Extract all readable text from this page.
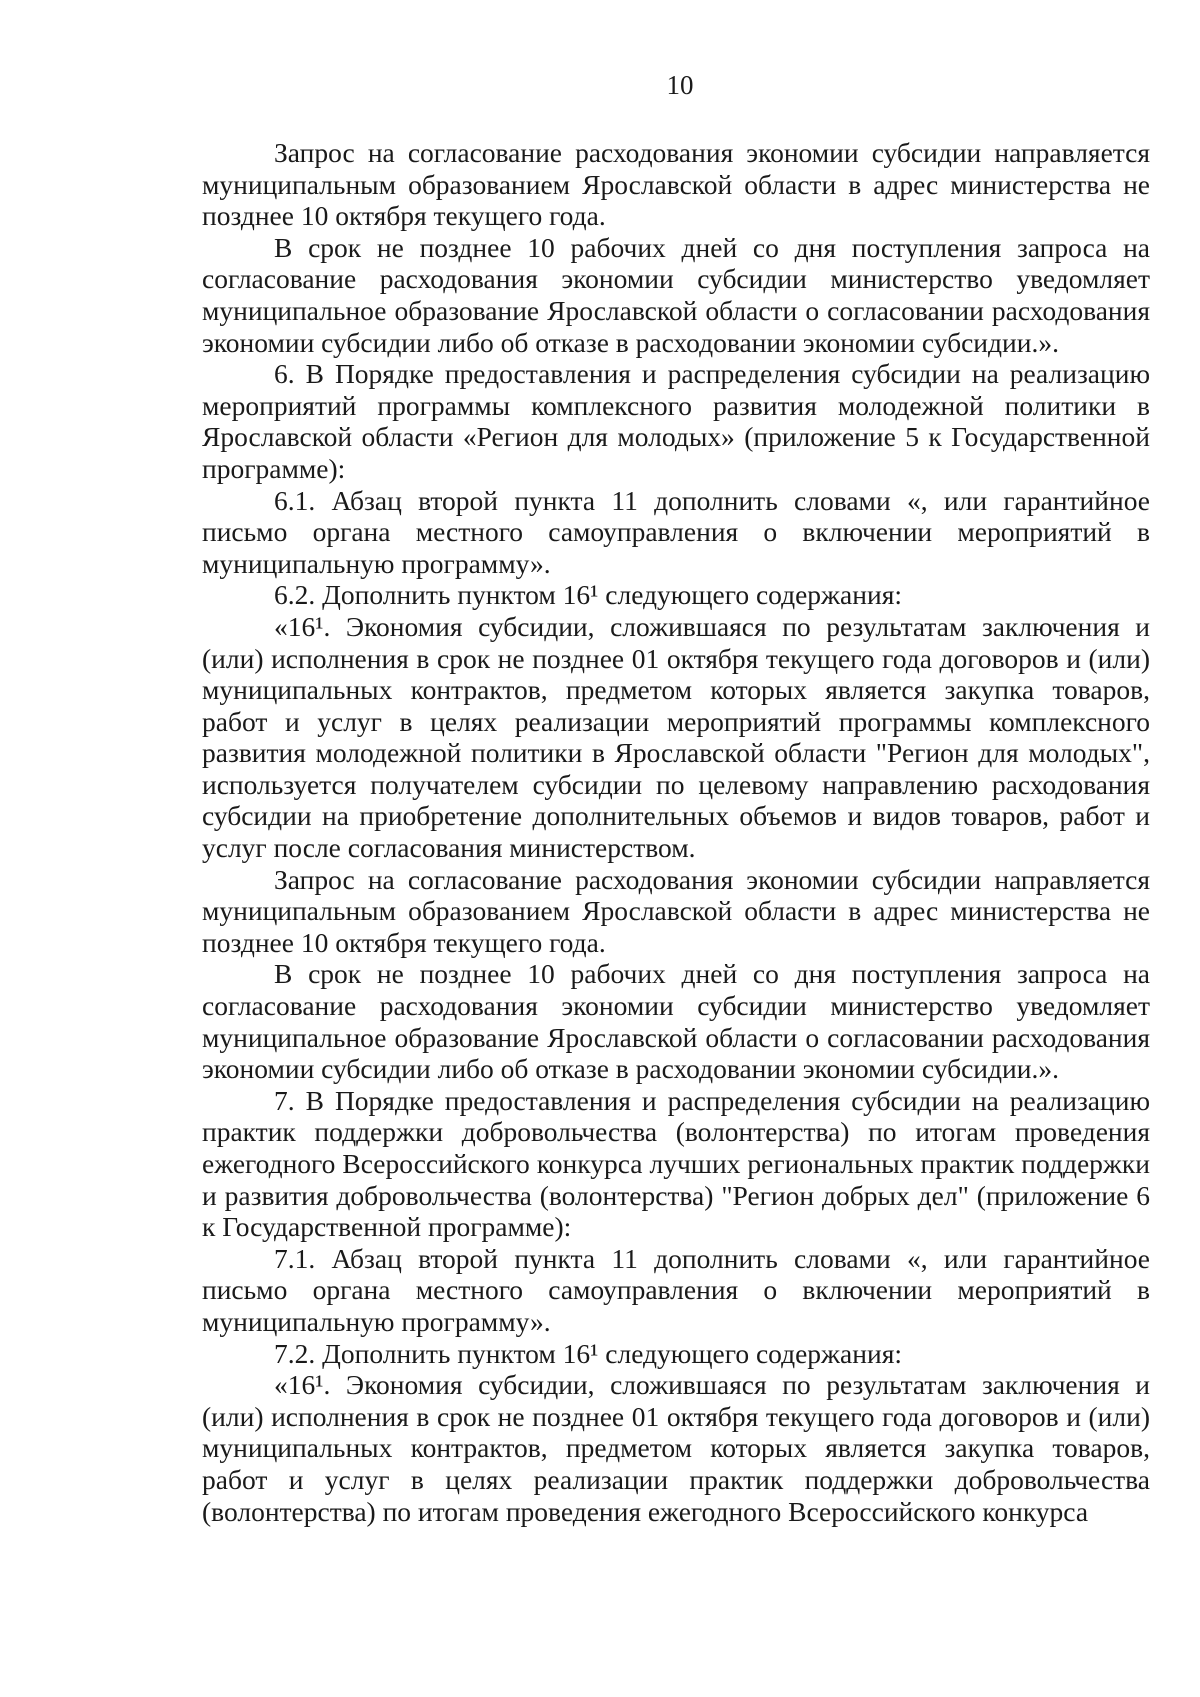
10

Запрос на согласование расходования экономии субсидии направляется муниципальным образованием Ярославской области в адрес министерства не позднее 10 октября текущего года.

В срок не позднее 10 рабочих дней со дня поступления запроса на согласование расходования экономии субсидии министерство уведомляет муниципальное образование Ярославской области о согласовании расходования экономии субсидии либо об отказе в расходовании экономии субсидии.».

6. В Порядке предоставления и распределения субсидии на реализацию мероприятий программы комплексного развития молодежной политики в Ярославской области «Регион для молодых» (приложение 5 к Государственной программе):

6.1. Абзац второй пункта 11 дополнить словами «, или гарантийное письмо органа местного самоуправления о включении мероприятий в муниципальную программу».

6.2. Дополнить пунктом 16¹ следующего содержания:

«16¹. Экономия субсидии, сложившаяся по результатам заключения и (или) исполнения в срок не позднее 01 октября текущего года договоров и (или) муниципальных контрактов, предметом которых является закупка товаров, работ и услуг в целях реализации мероприятий программы комплексного развития молодежной политики в Ярославской области "Регион для молодых", используется получателем субсидии по целевому направлению расходования субсидии на приобретение дополнительных объемов и видов товаров, работ и услуг после согласования министерством.

Запрос на согласование расходования экономии субсидии направляется муниципальным образованием Ярославской области в адрес министерства не позднее 10 октября текущего года.

В срок не позднее 10 рабочих дней со дня поступления запроса на согласование расходования экономии субсидии министерство уведомляет муниципальное образование Ярославской области о согласовании расходования экономии субсидии либо об отказе в расходовании экономии субсидии.».

7. В Порядке предоставления и распределения субсидии на реализацию практик поддержки добровольчества (волонтерства) по итогам проведения ежегодного Всероссийского конкурса лучших региональных практик поддержки и развития добровольчества (волонтерства) "Регион добрых дел" (приложение 6 к Государственной программе):

7.1. Абзац второй пункта 11 дополнить словами «, или гарантийное письмо органа местного самоуправления о включении мероприятий в муниципальную программу».

7.2. Дополнить пунктом 16¹ следующего содержания:

«16¹. Экономия субсидии, сложившаяся по результатам заключения и (или) исполнения в срок не позднее 01 октября текущего года договоров и (или) муниципальных контрактов, предметом которых является закупка товаров, работ и услуг в целях реализации практик поддержки добровольчества (волонтерства) по итогам проведения ежегодного Всероссийского конкурса
